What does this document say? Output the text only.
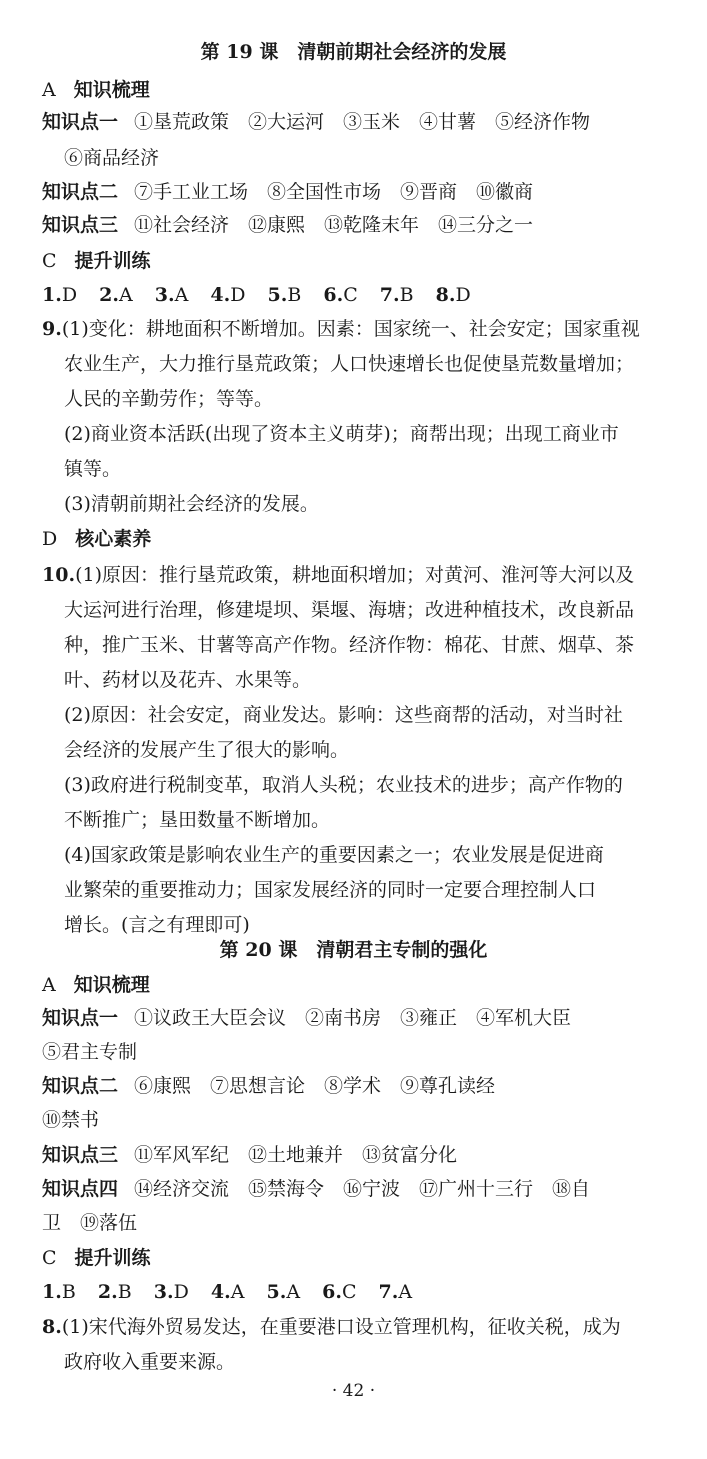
第 19 课　清朝前期社会经济的发展
A 知识梳理
知识点一 ①垦荒政策　②大运河　③玉米　④甘薯　⑤经济作物
⑥商品经济
知识点二 ⑦手工业工场　⑧全国性市场　⑨晋商　⑩徽商
知识点三 ⑪社会经济　⑫康熙　⑬乾隆末年　⑭三分之一
C 提升训练
1.D 2.A 3.A 4.D 5.B 6.C 7.B 8.D
9.(1)变化：耕地面积不断增加。因素：国家统一、社会安定；国家重视
农业生产，大力推行垦荒政策；人口快速增长也促使垦荒数量增加；
人民的辛勤劳作；等等。
(2)商业资本活跃(出现了资本主义萌芽)；商帮出现；出现工商业市
镇等。
(3)清朝前期社会经济的发展。
D 核心素养
10.(1)原因：推行垦荒政策，耕地面积增加；对黄河、淮河等大河以及
大运河进行治理，修建堤坝、渠堰、海塘；改进种植技术，改良新品
种，推广玉米、甘薯等高产作物。经济作物：棉花、甘蔗、烟草、茶
叶、药材以及花卉、水果等。
(2)原因：社会安定，商业发达。影响：这些商帮的活动，对当时社
会经济的发展产生了很大的影响。
(3)政府进行税制变革，取消人头税；农业技术的进步；高产作物的
不断推广；垦田数量不断增加。
(4)国家政策是影响农业生产的重要因素之一；农业发展是促进商
业繁荣的重要推动力；国家发展经济的同时一定要合理控制人口
增长。(言之有理即可)
第 20 课　清朝君主专制的强化
A 知识梳理
知识点一 ①议政王大臣会议　②南书房　③雍正　④军机大臣
⑤君主专制
知识点二 ⑥康熙　⑦思想言论　⑧学术　⑨尊孔读经
⑩禁书
知识点三 ⑪军风军纪　⑫土地兼并　⑬贫富分化
知识点四 ⑭经济交流　⑮禁海令　⑯宁波　⑰广州十三行　⑱自
卫　⑲落伍
C 提升训练
1.B 2.B 3.D 4.A 5.A 6.C 7.A
8.(1)宋代海外贸易发达，在重要港口设立管理机构，征收关税，成为
政府收入重要来源。
· 42 ·
